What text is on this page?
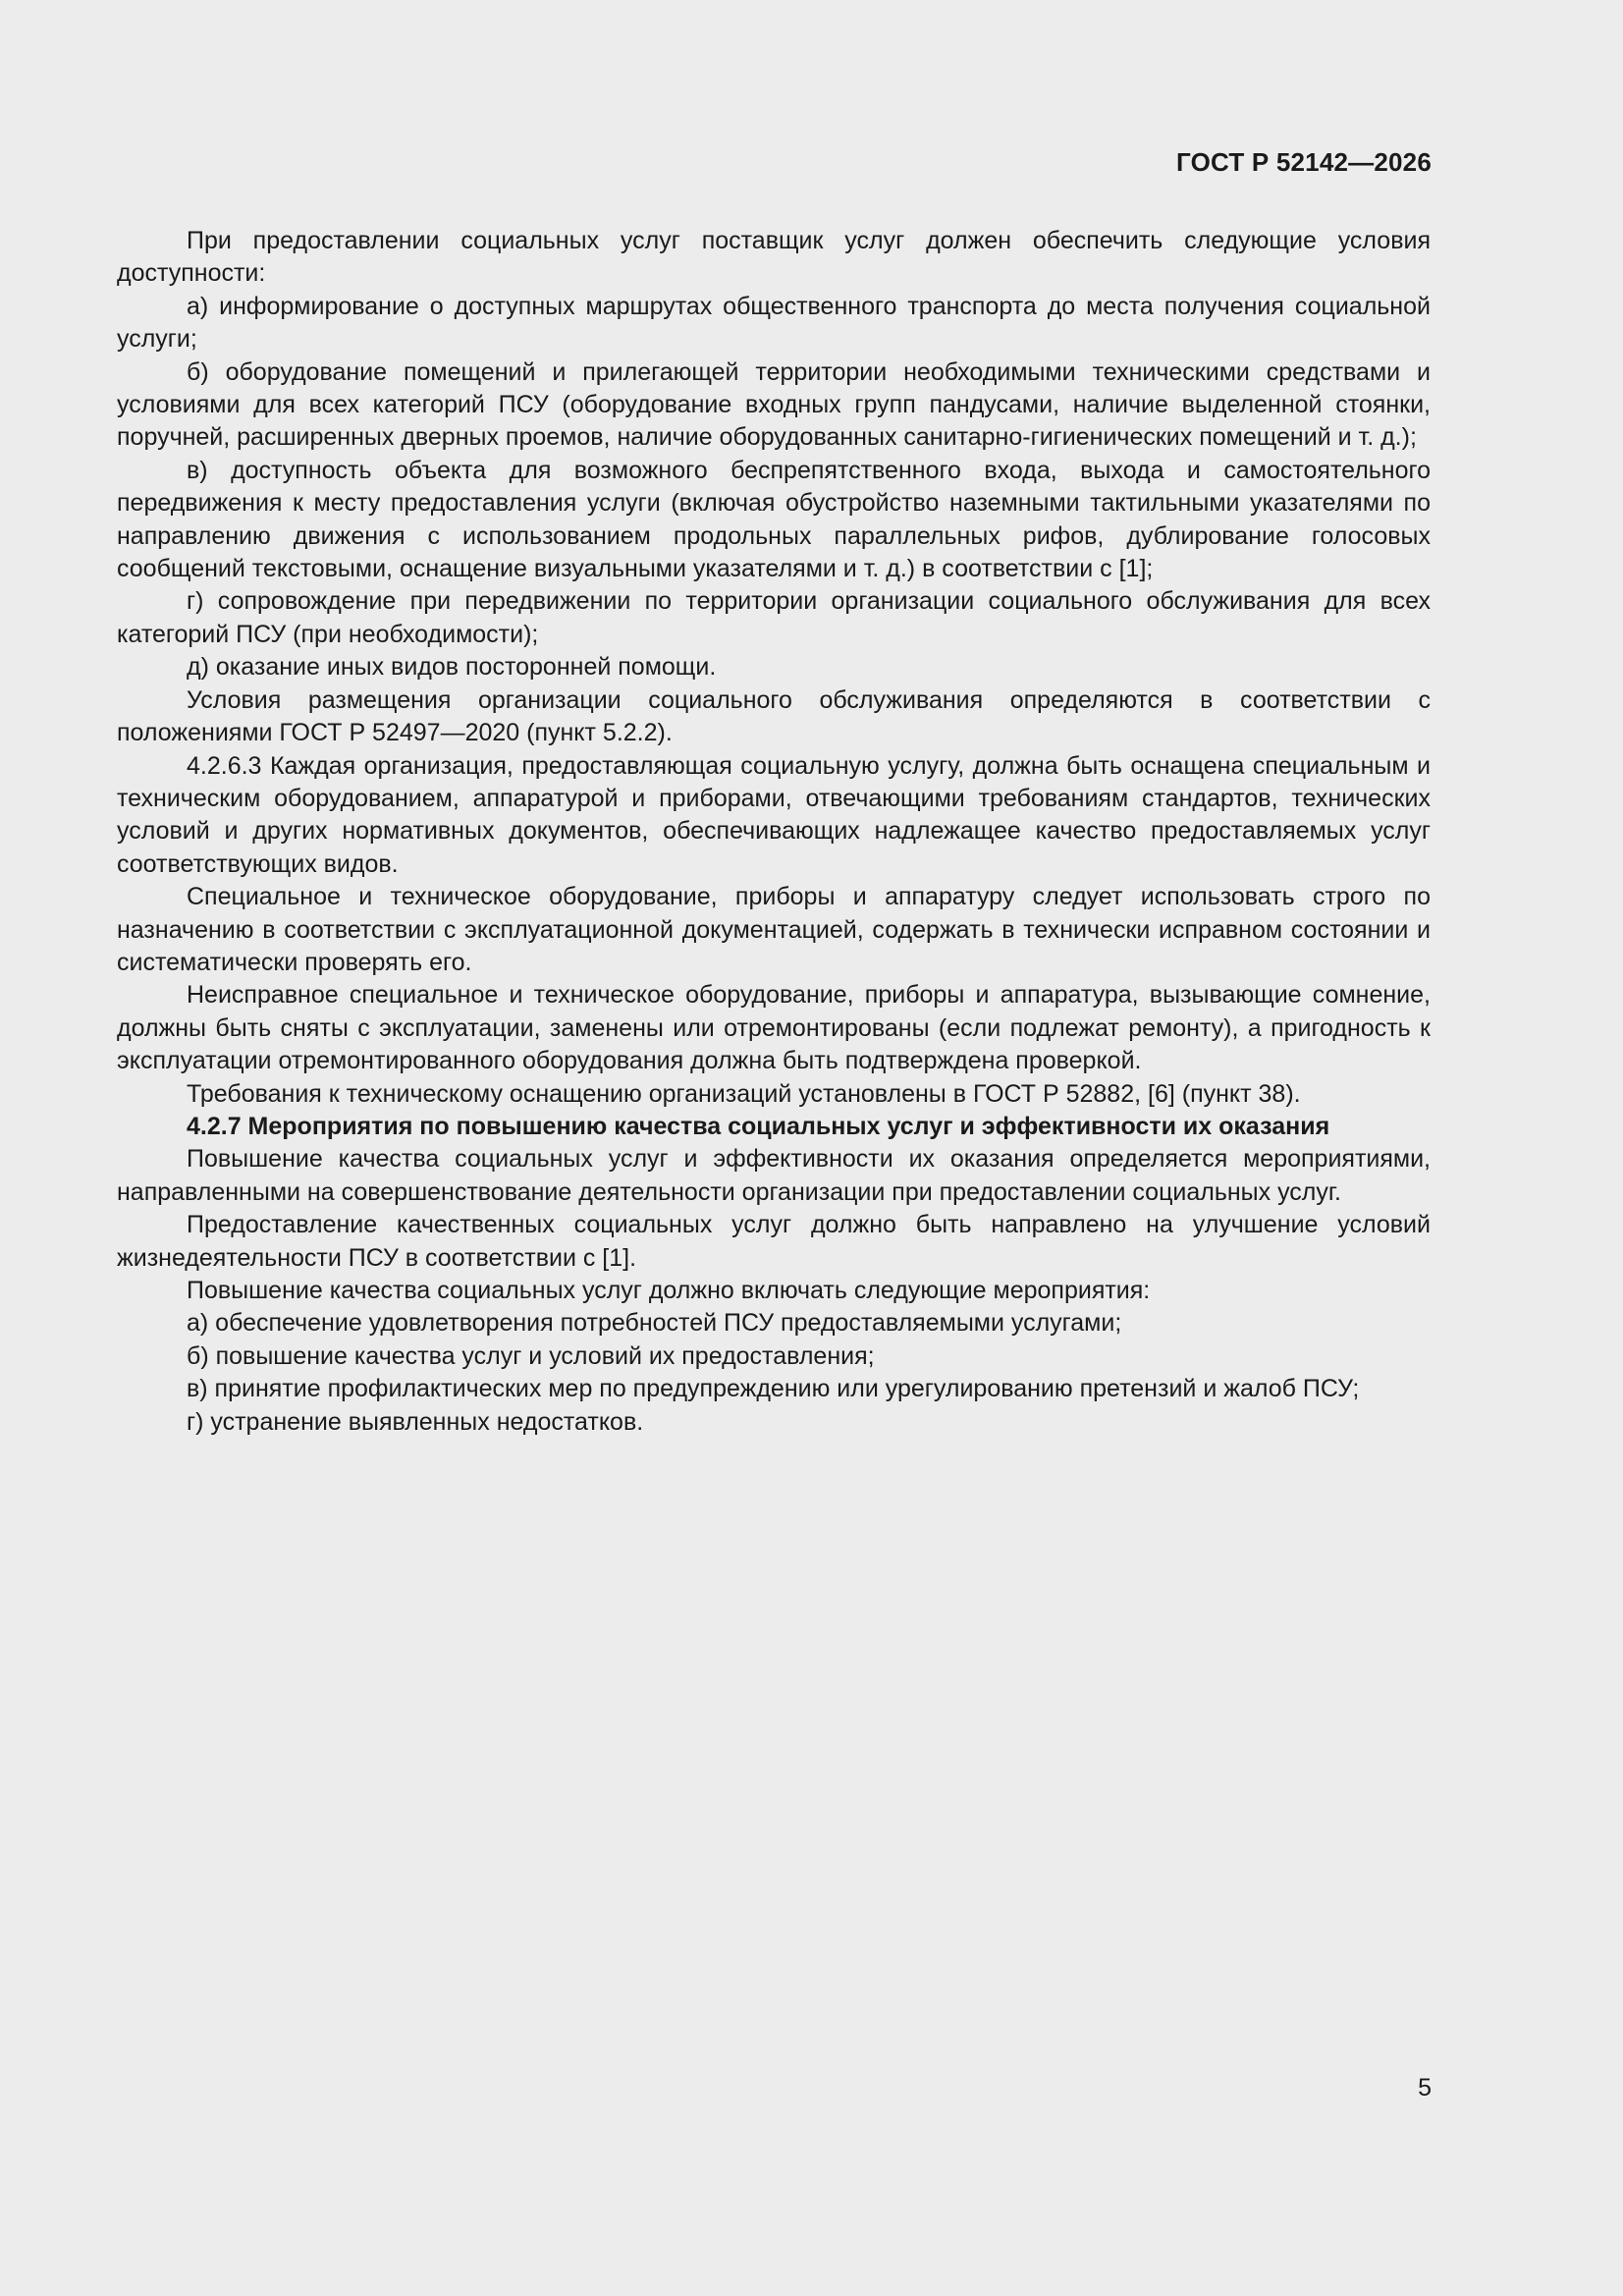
ГОСТ Р 52142—2026

При предоставлении социальных услуг поставщик услуг должен обеспечить следующие условия доступности:

а) информирование о доступных маршрутах общественного транспорта до места получения социальной услуги;

б) оборудование помещений и прилегающей территории необходимыми техническими средствами и условиями для всех категорий ПСУ (оборудование входных групп пандусами, наличие выделенной стоянки, поручней, расширенных дверных проемов, наличие оборудованных санитарно-гигиенических помещений и т. д.);

в) доступность объекта для возможного беспрепятственного входа, выхода и самостоятельного передвижения к месту предоставления услуги (включая обустройство наземными тактильными указателями по направлению движения с использованием продольных параллельных рифов, дублирование голосовых сообщений текстовыми, оснащение визуальными указателями и т. д.) в соответствии с [1];

г) сопровождение при передвижении по территории организации социального обслуживания для всех категорий ПСУ (при необходимости);

д) оказание иных видов посторонней помощи.

Условия размещения организации социального обслуживания определяются в соответствии с положениями ГОСТ Р 52497—2020 (пункт 5.2.2).

4.2.6.3 Каждая организация, предоставляющая социальную услугу, должна быть оснащена специальным и техническим оборудованием, аппаратурой и приборами, отвечающими требованиям стандартов, технических условий и других нормативных документов, обеспечивающих надлежащее качество предоставляемых услуг соответствующих видов.

Специальное и техническое оборудование, приборы и аппаратуру следует использовать строго по назначению в соответствии с эксплуатационной документацией, содержать в технически исправном состоянии и систематически проверять его.

Неисправное специальное и техническое оборудование, приборы и аппаратура, вызывающие сомнение, должны быть сняты с эксплуатации, заменены или отремонтированы (если подлежат ремонту), а пригодность к эксплуатации отремонтированного оборудования должна быть подтверждена проверкой.

Требования к техническому оснащению организаций установлены в ГОСТ Р 52882, [6] (пункт 38).

4.2.7 Мероприятия по повышению качества социальных услуг и эффективности их оказания

Повышение качества социальных услуг и эффективности их оказания определяется мероприятиями, направленными на совершенствование деятельности организации при предоставлении социальных услуг.

Предоставление качественных социальных услуг должно быть направлено на улучшение условий жизнедеятельности ПСУ в соответствии с [1].

Повышение качества социальных услуг должно включать следующие мероприятия:

а) обеспечение удовлетворения потребностей ПСУ предоставляемыми услугами;

б) повышение качества услуг и условий их предоставления;

в) принятие профилактических мер по предупреждению или урегулированию претензий и жалоб ПСУ;

г) устранение выявленных недостатков.

5
